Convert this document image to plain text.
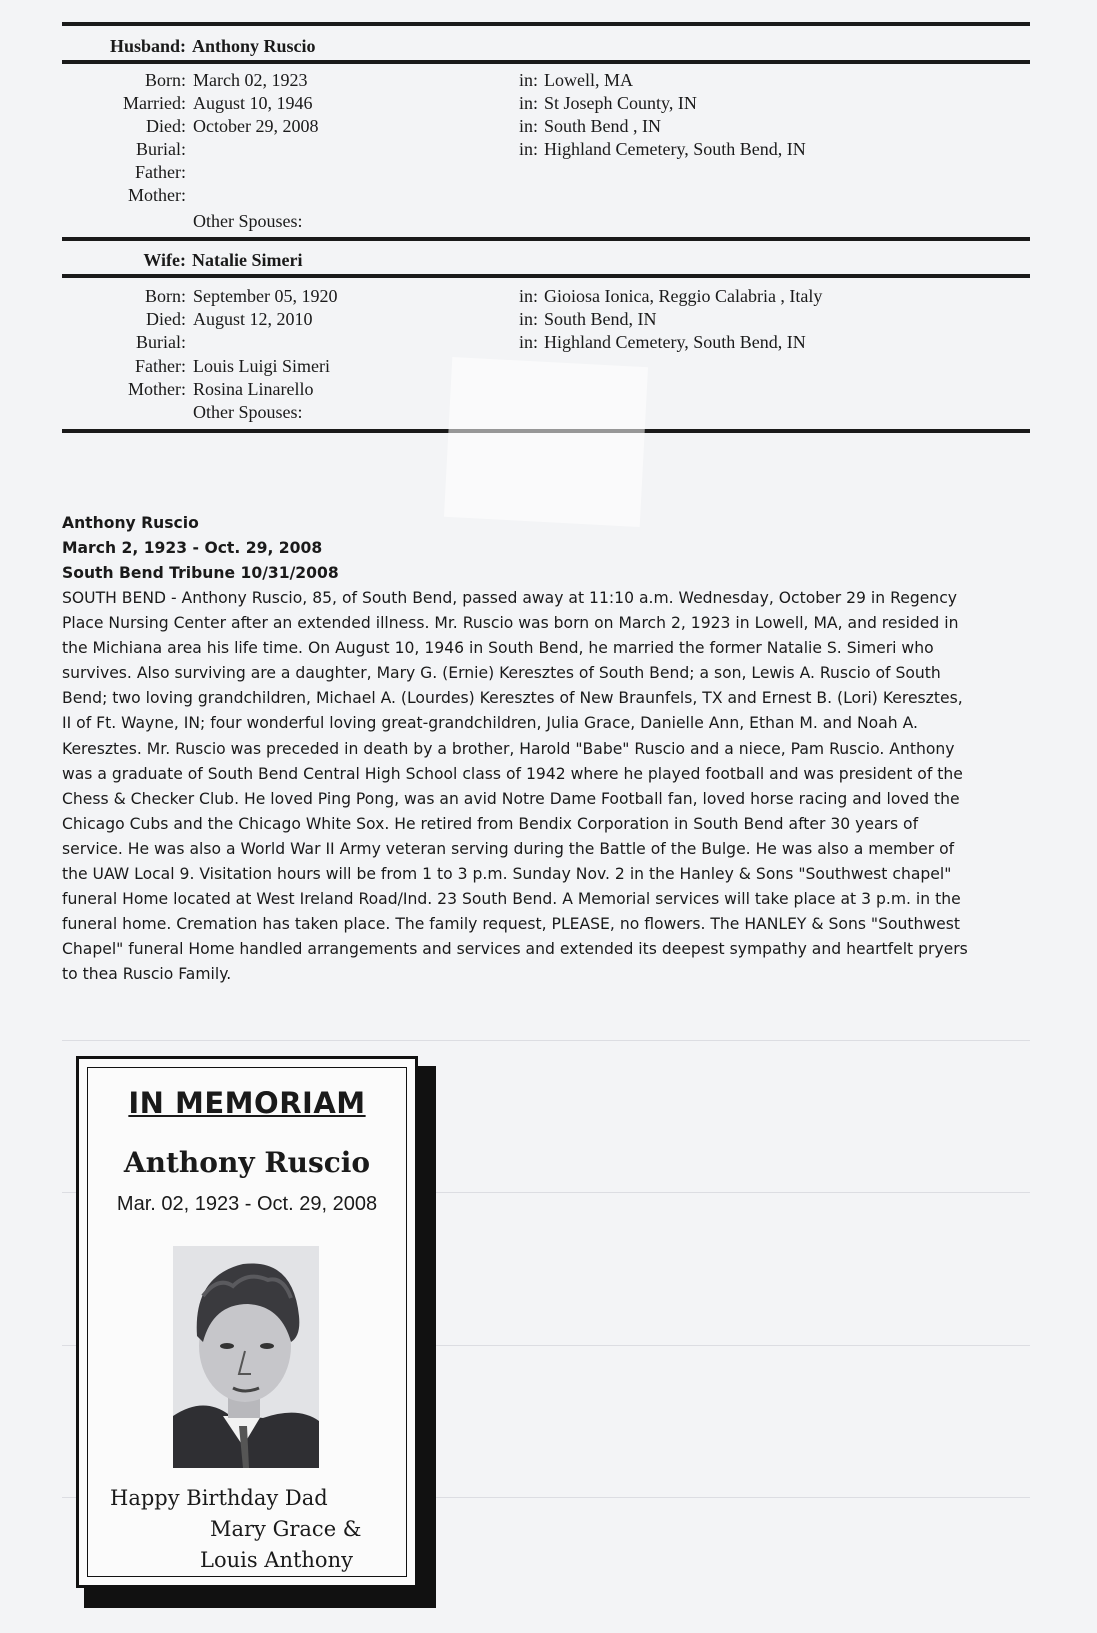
Husband: Anthony Ruscio
Born: March 02, 1923	in: Lowell, MA
Married: August 10, 1946	in: St Joseph County, IN
Died: October 29, 2008	in: South Bend , IN
Burial:	in: Highland Cemetery, South Bend, IN
Father:
Mother:
Other Spouses:
Wife: Natalie Simeri
Born: September 05, 1920	in: Gioiosa Ionica, Reggio Calabria , Italy
Died: August 12, 2010	in: South Bend, IN
Burial:	in: Highland Cemetery, South Bend, IN
Father: Louis Luigi Simeri
Mother: Rosina Linarello
Other Spouses:
Anthony Ruscio
March 2, 1923 - Oct. 29, 2008
South Bend Tribune 10/31/2008
SOUTH BEND - Anthony Ruscio, 85, of South Bend, passed away at 11:10 a.m. Wednesday, October 29 in Regency
Place Nursing Center after an extended illness. Mr. Ruscio was born on March 2, 1923 in Lowell, MA, and resided in
the Michiana area his life time. On August 10, 1946 in South Bend, he married the former Natalie S. Simeri who
survives. Also surviving are a daughter, Mary G. (Ernie) Keresztes of South Bend; a son, Lewis A. Ruscio of South
Bend; two loving grandchildren, Michael A. (Lourdes) Keresztes of New Braunfels, TX and Ernest B. (Lori) Keresztes,
II of Ft. Wayne, IN; four wonderful loving great-grandchildren, Julia Grace, Danielle Ann, Ethan M. and Noah A.
Keresztes. Mr. Ruscio was preceded in death by a brother, Harold "Babe" Ruscio and a niece, Pam Ruscio. Anthony
was a graduate of South Bend Central High School class of 1942 where he played football and was president of the
Chess & Checker Club. He loved Ping Pong, was an avid Notre Dame Football fan, loved horse racing and loved the
Chicago Cubs and the Chicago White Sox. He retired from Bendix Corporation in South Bend after 30 years of
service. He was also a World War II Army veteran serving during the Battle of the Bulge. He was also a member of
the UAW Local 9. Visitation hours will be from 1 to 3 p.m. Sunday Nov. 2 in the Hanley & Sons "Southwest chapel"
funeral Home located at West Ireland Road/Ind. 23 South Bend. A Memorial services will take place at 3 p.m. in the
funeral home. Cremation has taken place. The family request, PLEASE, no flowers. The HANLEY & Sons "Southwest
Chapel" funeral Home handled arrangements and services and extended its deepest sympathy and heartfelt pryers
to thea Ruscio Family.
IN MEMORIAM
Anthony Ruscio
Mar. 02, 1923 - Oct. 29, 2008
Happy Birthday Dad
Mary Grace &
Louis Anthony
